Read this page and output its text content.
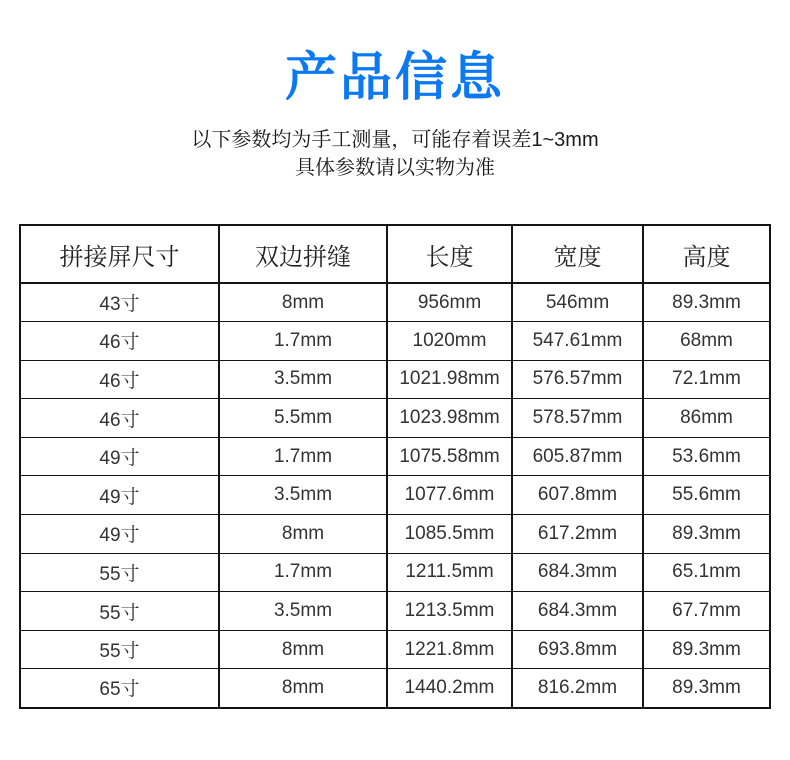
产品信息

以下参数均为手工测量，可能存着误差1~3mm
具体参数请以实物为准

拼接屏尺寸	双边拼缝	长度	宽度	高度
43寸	8mm	956mm	546mm	89.3mm
46寸	1.7mm	1020mm	547.61mm	68mm
46寸	3.5mm	1021.98mm	576.57mm	72.1mm
46寸	5.5mm	1023.98mm	578.57mm	86mm
49寸	1.7mm	1075.58mm	605.87mm	53.6mm
49寸	3.5mm	1077.6mm	607.8mm	55.6mm
49寸	8mm	1085.5mm	617.2mm	89.3mm
55寸	1.7mm	1211.5mm	684.3mm	65.1mm
55寸	3.5mm	1213.5mm	684.3mm	67.7mm
55寸	8mm	1221.8mm	693.8mm	89.3mm
65寸	8mm	1440.2mm	816.2mm	89.3mm
